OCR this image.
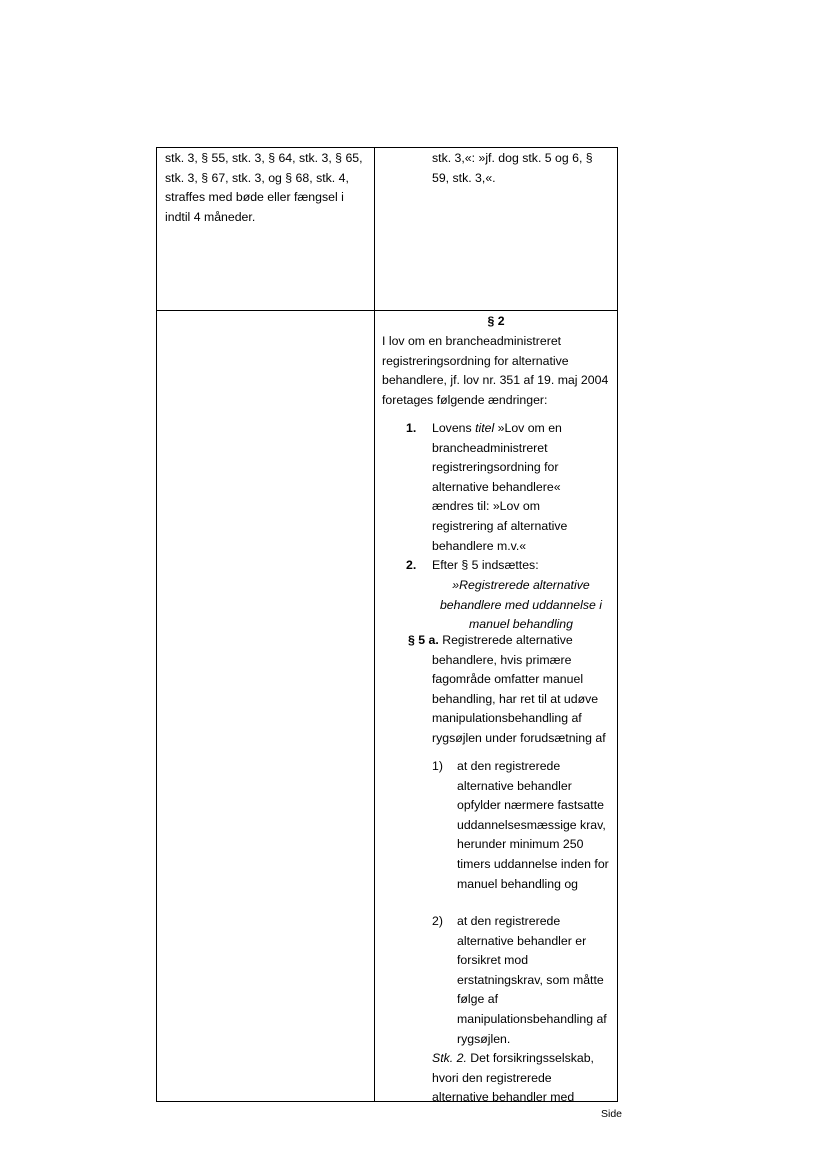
stk. 3, § 55, stk. 3, § 64, stk. 3, § 65, stk. 3, § 67, stk. 3, og § 68, stk. 4, straffes med bøde eller fængsel i indtil 4 måneder.
stk. 3,«: »jf. dog stk. 5 og 6, § 59, stk. 3,«.
§ 2
I lov om en brancheadministreret registreringsordning for alternative behandlere, jf. lov nr. 351 af 19. maj 2004 foretages følgende ændringer:
1. Lovens titel »Lov om en brancheadministreret registreringsordning for alternative behandlere« ændres til: »Lov om registrering af alternative behandlere m.v.«
2. Efter § 5 indsættes:
»Registrerede alternative behandlere med uddannelse i manuel behandling
§ 5 a. Registrerede alternative behandlere, hvis primære fagområde omfatter manuel behandling, har ret til at udøve manipulationsbehandling af rygsøjlen under forudsætning af
1) at den registrerede alternative behandler opfylder nærmere fastsatte uddannelsesmæssige krav, herunder minimum 250 timers uddannelse inden for manuel behandling og
2) at den registrerede alternative behandler er forsikret mod erstatningskrav, som måtte følge af manipulationsbehandling af rygsøjlen.
Stk. 2. Det forsikringsselskab, hvori den registrerede alternative behandler med
Side
